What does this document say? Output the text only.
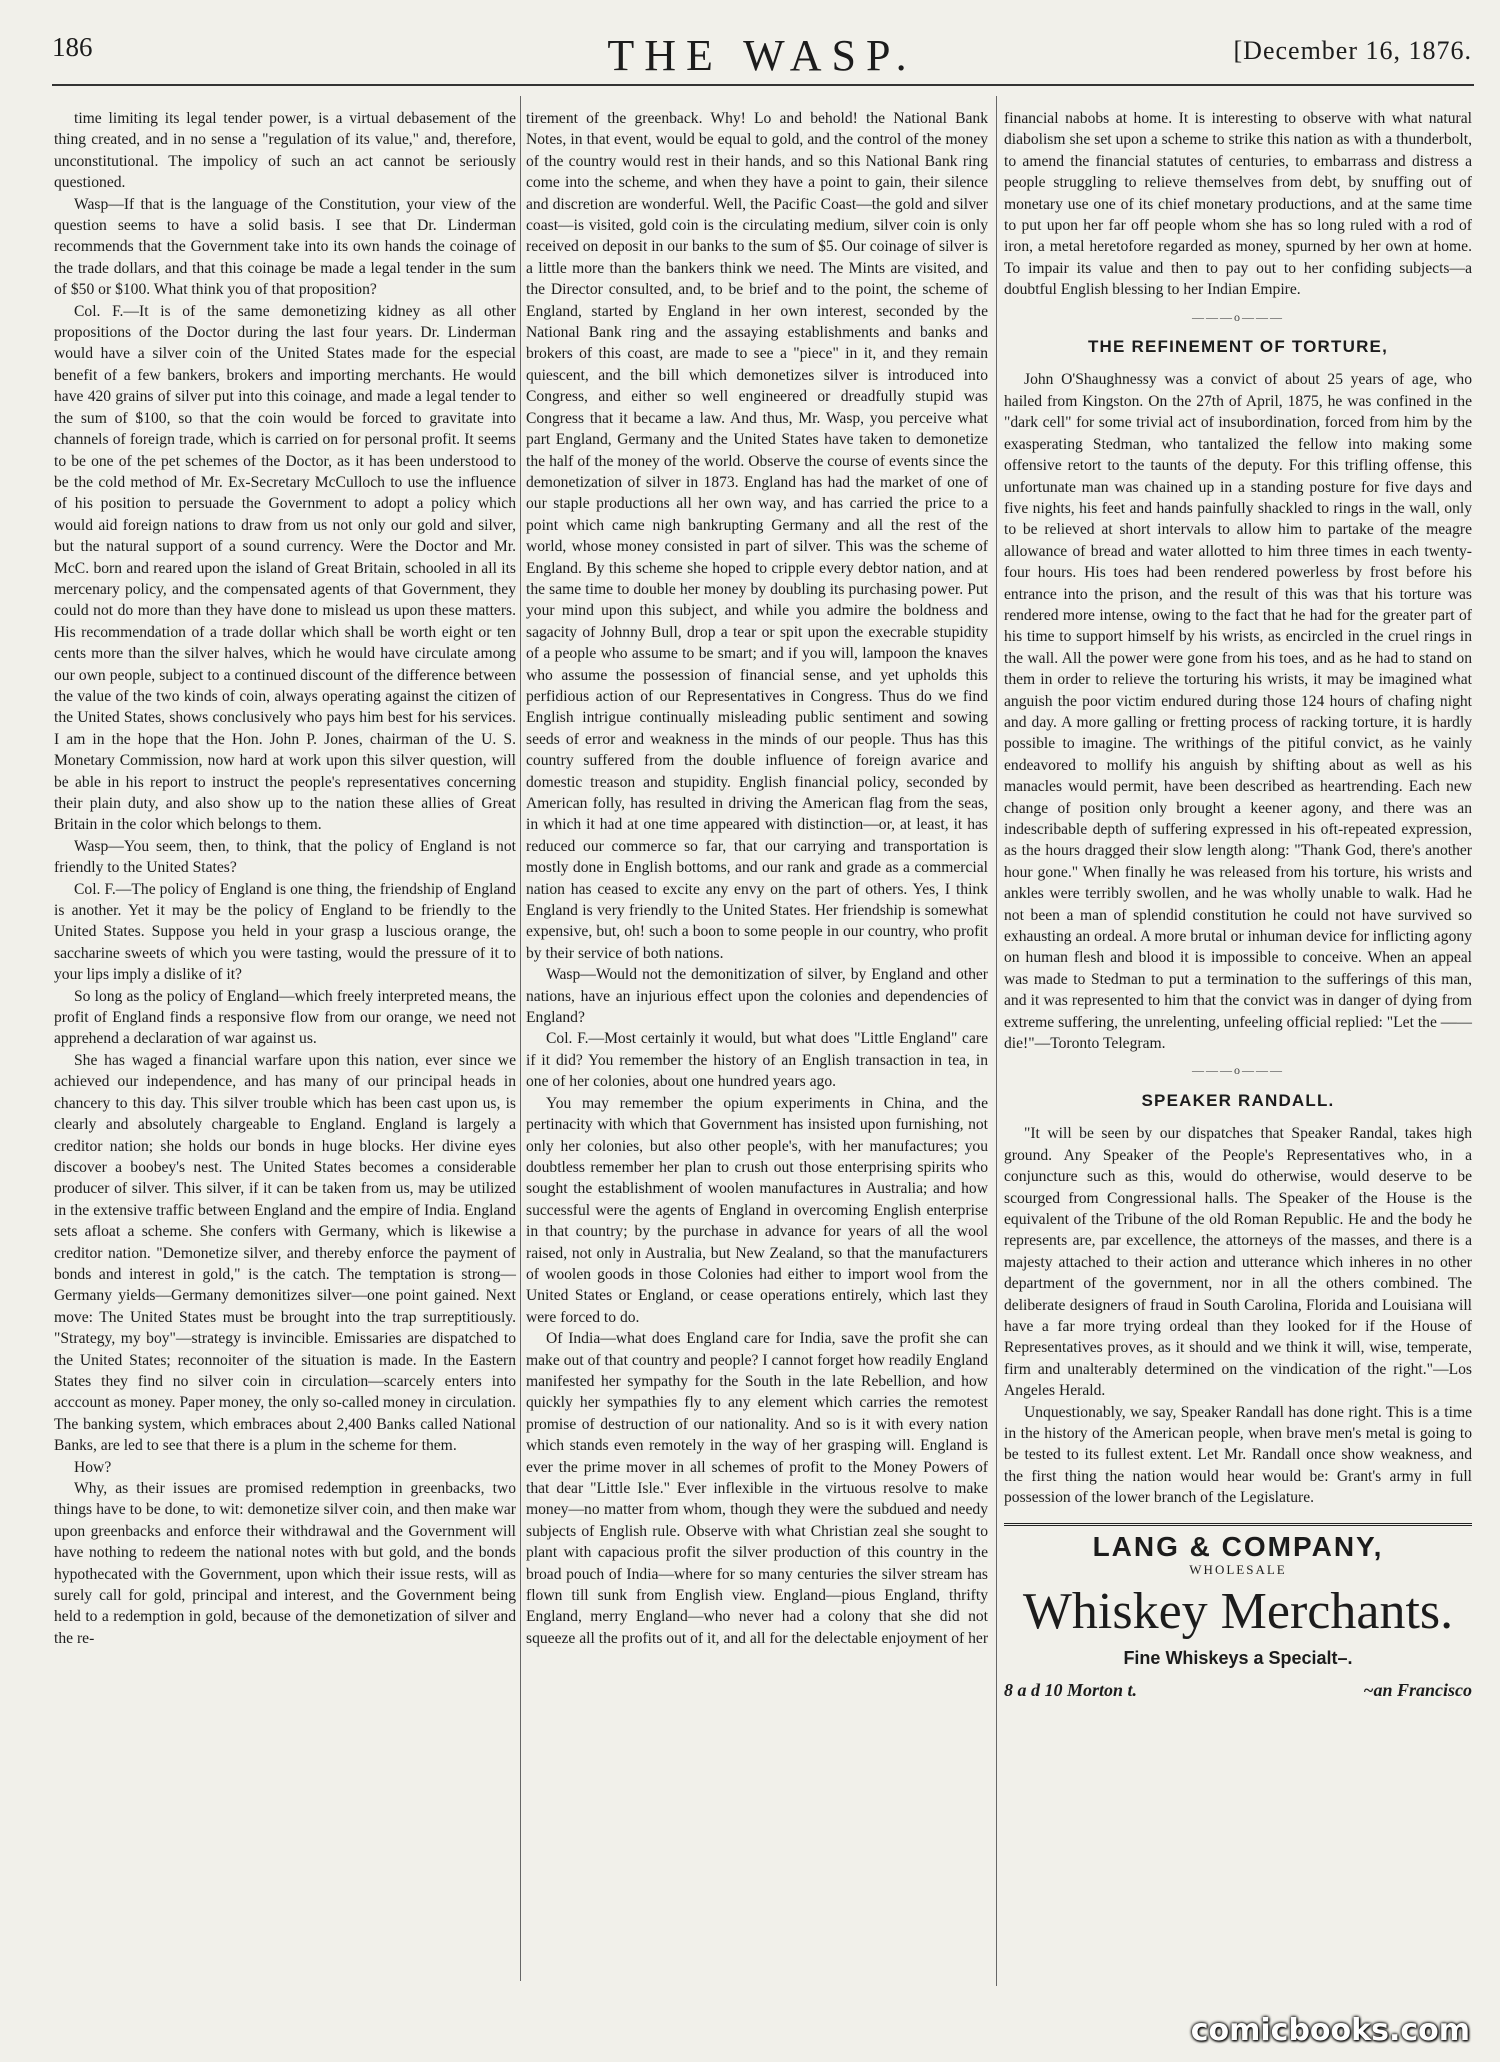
186	THE WASP.	[December 16, 1876.

time limiting its legal tender power, is a virtual debasement of the thing created, and in no sense a "regulation of its value," and, therefore, unconstitutional. The impolicy of such an act cannot be seriously questioned.

Wasp—If that is the language of the Constitution, your view of the question seems to have a solid basis. I see that Dr. Linderman recommends that the Government take into its own hands the coinage of the trade dollars, and that this coinage be made a legal tender in the sum of $50 or $100. What think you of that proposition?

Col. F.—It is of the same demonetizing kidney as all other propositions of the Doctor during the last four years. Dr. Linderman would have a silver coin of the United States made for the especial benefit of a few bankers, brokers and importing merchants. He would have 420 grains of silver put into this coinage, and made a legal tender to the sum of $100, so that the coin would be forced to gravitate into channels of foreign trade, which is carried on for personal profit. It seems to be one of the pet schemes of the Doctor, as it has been understood to be the cold method of Mr. Ex-Secretary McCulloch to use the influence of his position to persuade the Government to adopt a policy which would aid foreign nations to draw from us not only our gold and silver, but the natural support of a sound currency. Were the Doctor and Mr. McC. born and reared upon the island of Great Britain, schooled in all its mercenary policy, and the compensated agents of that Government, they could not do more than they have done to mislead us upon these matters. His recommendation of a trade dollar which shall be worth eight or ten cents more than the silver halves, which he would have circulate among our own people, subject to a continued discount of the difference between the value of the two kinds of coin, always operating against the citizen of the United States, shows conclusively who pays him best for his services. I am in the hope that the Hon. John P. Jones, chairman of the U. S. Monetary Commission, now hard at work upon this silver question, will be able in his report to instruct the people's representatives concerning their plain duty, and also show up to the nation these allies of Great Britain in the color which belongs to them.

Wasp—You seem, then, to think, that the policy of England is not friendly to the United States?

Col. F.—The policy of England is one thing, the friendship of England is another. Yet it may be the policy of England to be friendly to the United States. Suppose you held in your grasp a luscious orange, the saccharine sweets of which you were tasting, would the pressure of it to your lips imply a dislike of it?

So long as the policy of England—which freely interpreted means, the profit of England finds a responsive flow from our orange, we need not apprehend a declaration of war against us.

She has waged a financial warfare upon this nation, ever since we achieved our independence, and has many of our principal heads in chancery to this day. This silver trouble which has been cast upon us, is clearly and absolutely chargeable to England. England is largely a creditor nation; she holds our bonds in huge blocks. Her divine eyes discover a boobey's nest. The United States becomes a considerable producer of silver. This silver, if it can be taken from us, may be utilized in the extensive traffic between England and the empire of India. England sets afloat a scheme. She confers with Germany, which is likewise a creditor nation. "Demonetize silver, and thereby enforce the payment of bonds and interest in gold," is the catch. The temptation is strong—Germany yields—Germany demonitizes silver—one point gained. Next move: The United States must be brought into the trap surreptitiously. "Strategy, my boy"—strategy is invincible. Emissaries are dispatched to the United States; reconnoiter of the situation is made. In the Eastern States they find no silver coin in circulation—scarcely enters into acccount as money. Paper money, the only so-called money in circulation. The banking system, which embraces about 2,400 Banks called National Banks, are led to see that there is a plum in the scheme for them.

How?

Why, as their issues are promised redemption in greenbacks, two things have to be done, to wit: demonetize silver coin, and then make war upon greenbacks and enforce their withdrawal and the Government will have nothing to redeem the national notes with but gold, and the bonds hypothecated with the Government, upon which their issue rests, will as surely call for gold, principal and interest, and the Government being held to a redemption in gold, because of the demonetization of silver and the re-

tirement of the greenback. Why! Lo and behold! the National Bank Notes, in that event, would be equal to gold, and the control of the money of the country would rest in their hands, and so this National Bank ring come into the scheme, and when they have a point to gain, their silence and discretion are wonderful. Well, the Pacific Coast—the gold and silver coast—is visited, gold coin is the circulating medium, silver coin is only received on deposit in our banks to the sum of $5. Our coinage of silver is a little more than the bankers think we need. The Mints are visited, and the Director consulted, and, to be brief and to the point, the scheme of England, started by England in her own interest, seconded by the National Bank ring and the assaying establishments and banks and brokers of this coast, are made to see a "piece" in it, and they remain quiescent, and the bill which demonetizes silver is introduced into Congress, and either so well engineered or dreadfully stupid was Congress that it became a law. And thus, Mr. Wasp, you perceive what part England, Germany and the United States have taken to demonetize the half of the money of the world. Observe the course of events since the demonetization of silver in 1873. England has had the market of one of our staple productions all her own way, and has carried the price to a point which came nigh bankrupting Germany and all the rest of the world, whose money consisted in part of silver. This was the scheme of England. By this scheme she hoped to cripple every debtor nation, and at the same time to double her money by doubling its purchasing power. Put your mind upon this subject, and while you admire the boldness and sagacity of Johnny Bull, drop a tear or spit upon the execrable stupidity of a people who assume to be smart; and if you will, lampoon the knaves who assume the possession of financial sense, and yet upholds this perfidious action of our Representatives in Congress. Thus do we find English intrigue continually misleading public sentiment and sowing seeds of error and weakness in the minds of our people. Thus has this country suffered from the double influence of foreign avarice and domestic treason and stupidity. English financial policy, seconded by American folly, has resulted in driving the American flag from the seas, in which it had at one time appeared with distinction—or, at least, it has reduced our commerce so far, that our carrying and transportation is mostly done in English bottoms, and our rank and grade as a commercial nation has ceased to excite any envy on the part of others. Yes, I think England is very friendly to the United States. Her friendship is somewhat expensive, but, oh! such a boon to some people in our country, who profit by their service of both nations.

Wasp—Would not the demonitization of silver, by England and other nations, have an injurious effect upon the colonies and dependencies of England?

Col. F.—Most certainly it would, but what does "Little England" care if it did? You remember the history of an English transaction in tea, in one of her colonies, about one hundred years ago.

You may remember the opium experiments in China, and the pertinacity with which that Government has insisted upon furnishing, not only her colonies, but also other people's, with her manufactures; you doubtless remember her plan to crush out those enterprising spirits who sought the establishment of woolen manufactures in Australia; and how successful were the agents of England in overcoming English enterprise in that country; by the purchase in advance for years of all the wool raised, not only in Australia, but New Zealand, so that the manufacturers of woolen goods in those Colonies had either to import wool from the United States or England, or cease operations entirely, which last they were forced to do.

Of India—what does England care for India, save the profit she can make out of that country and people? I cannot forget how readily England manifested her sympathy for the South in the late Rebellion, and how quickly her sympathies fly to any element which carries the remotest promise of destruction of our nationality. And so is it with every nation which stands even remotely in the way of her grasping will. England is ever the prime mover in all schemes of profit to the Money Powers of that dear "Little Isle." Ever inflexible in the virtuous resolve to make money—no matter from whom, though they were the subdued and needy subjects of English rule. Observe with what Christian zeal she sought to plant with capacious profit the silver production of this country in the broad pouch of India—where for so many centuries the silver stream has flown till sunk from English view. England—pious England, thrifty England, merry England—who never had a colony that she did not squeeze all the profits out of it, and all for the delectable enjoyment of her

financial nabobs at home. It is interesting to observe with what natural diabolism she set upon a scheme to strike this nation as with a thunderbolt, to amend the financial statutes of centuries, to embarrass and distress a people struggling to relieve themselves from debt, by snuffing out of monetary use one of its chief monetary productions, and at the same time to put upon her far off people whom she has so long ruled with a rod of iron, a metal heretofore regarded as money, spurned by her own at home. To impair its value and then to pay out to her confiding subjects—a doubtful English blessing to her Indian Empire.

———o———
THE REFINEMENT OF TORTURE,

John O'Shaughnessy was a convict of about 25 years of age, who hailed from Kingston. On the 27th of April, 1875, he was confined in the "dark cell" for some trivial act of insubordination, forced from him by the exasperating Stedman, who tantalized the fellow into making some offensive retort to the taunts of the deputy. For this trifling offense, this unfortunate man was chained up in a standing posture for five days and five nights, his feet and hands painfully shackled to rings in the wall, only to be relieved at short intervals to allow him to partake of the meagre allowance of bread and water allotted to him three times in each twenty-four hours. His toes had been rendered powerless by frost before his entrance into the prison, and the result of this was that his torture was rendered more intense, owing to the fact that he had for the greater part of his time to support himself by his wrists, as encircled in the cruel rings in the wall. All the power were gone from his toes, and as he had to stand on them in order to relieve the torturing his wrists, it may be imagined what anguish the poor victim endured during those 124 hours of chafing night and day. A more galling or fretting process of racking torture, it is hardly possible to imagine. The writhings of the pitiful convict, as he vainly endeavored to mollify his anguish by shifting about as well as his manacles would permit, have been described as heartrending. Each new change of position only brought a keener agony, and there was an indescribable depth of suffering expressed in his oft-repeated expression, as the hours dragged their slow length along: "Thank God, there's another hour gone." When finally he was released from his torture, his wrists and ankles were terribly swollen, and he was wholly unable to walk. Had he not been a man of splendid constitution he could not have survived so exhausting an ordeal. A more brutal or inhuman device for inflicting agony on human flesh and blood it is impossible to conceive. When an appeal was made to Stedman to put a termination to the sufferings of this man, and it was represented to him that the convict was in danger of dying from extreme suffering, the unrelenting, unfeeling official replied: "Let the —— die!"—Toronto Telegram.

———o———
SPEAKER RANDALL.

"It will be seen by our dispatches that Speaker Randal, takes high ground. Any Speaker of the People's Representatives who, in a conjuncture such as this, would do otherwise, would deserve to be scourged from Congressional halls. The Speaker of the House is the equivalent of the Tribune of the old Roman Republic. He and the body he represents are, par excellence, the attorneys of the masses, and there is a majesty attached to their action and utterance which inheres in no other department of the government, nor in all the others combined. The deliberate designers of fraud in South Carolina, Florida and Louisiana will have a far more trying ordeal than they looked for if the House of Representatives proves, as it should and we think it will, wise, temperate, firm and unalterably determined on the vindication of the right."—Los Angeles Herald.

Unquestionably, we say, Speaker Randall has done right. This is a time in the history of the American people, when brave men's metal is going to be tested to its fullest extent. Let Mr. Randall once show weakness, and the first thing the nation would hear would be: Grant's army in full possession of the lower branch of the Legislature.

LANG & COMPANY,
WHOLESALE
Whiskey Merchants.
Fine Whiskeys a Specialt–.
8 a d 10 Morton t.	~an Francisco
comicbooks.com
